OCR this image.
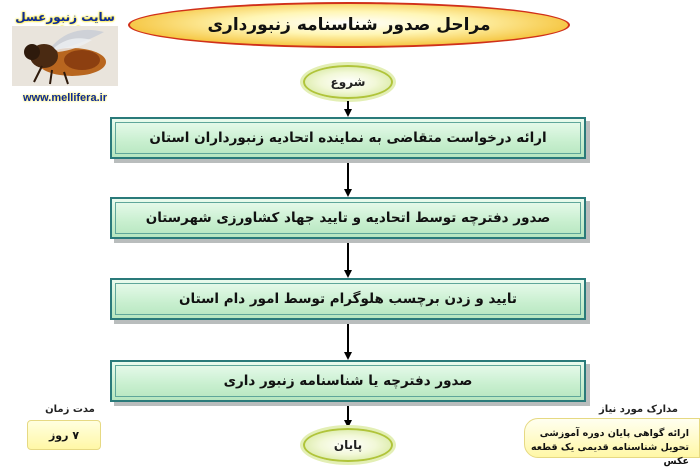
سایت زنبورعسل
www.mellifera.ir
مراحل صدور شناسنامه زنبورداری
شروع
ارائه درخواست متقاضی به نماینده اتحادیه زنبورداران استان
صدور دفترچه توسط اتحادیه و تایید جهاد کشاورزی شهرستان
تایید و زدن برچسب هلوگرام توسط امور دام استان
صدور دفترچه یا شناسنامه زنبور داری
پایان
مدت زمان
۷ روز
مدارک مورد نیاز
ارائه گواهی پایان دوره آموزشی
تحویل شناسنامه قدیمی یک قطعه عکس
